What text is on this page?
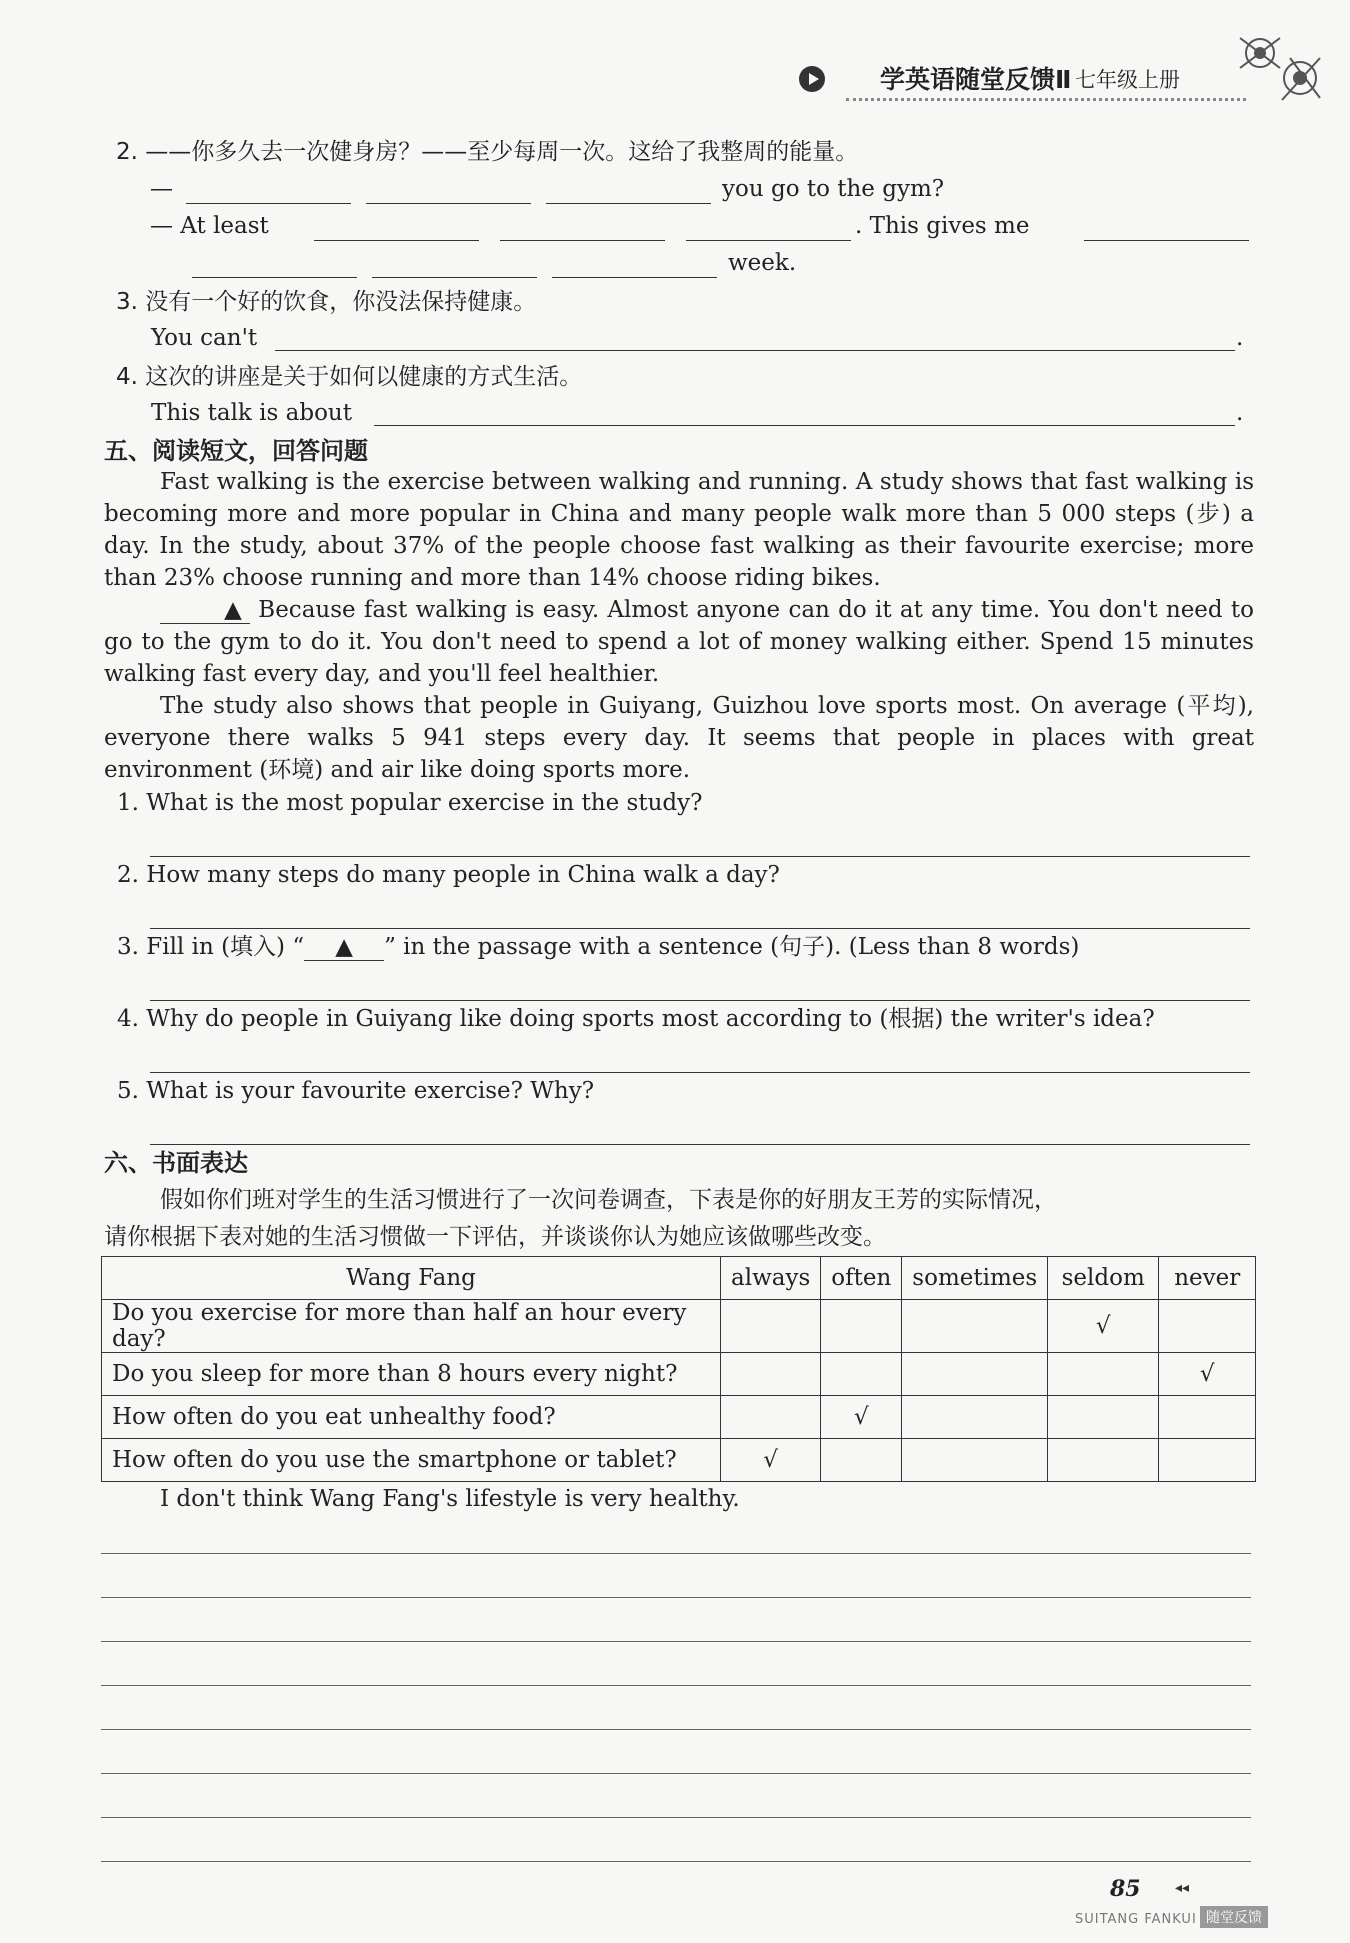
学英语随堂反馈Ⅱ 七年级上册
2. ——你多久去一次健身房？——至少每周一次。这给了我整周的能量。
—	you go to the gym?
— At least	. This gives me
week.
3. 没有一个好的饮食，你没法保持健康。
You can't	.
4. 这次的讲座是关于如何以健康的方式生活。
This talk is about	.
五、阅读短文，回答问题

Fast walking is the exercise between walking and running. A study shows that fast walking is becoming more and more popular in China and many people walk more than 5 000 steps (步) a day. In the study, about 37% of the people choose fast walking as their favourite exercise; more than 23% choose running and more than 14% choose riding bikes.

▲ Because fast walking is easy. Almost anyone can do it at any time. You don't need to go to the gym to do it. You don't need to spend a lot of money walking either. Spend 15 minutes walking fast every day, and you'll feel healthier.

The study also shows that people in Guiyang, Guizhou love sports most. On average (平均), everyone there walks 5 941 steps every day. It seems that people in places with great environment (环境) and air like doing sports more.

1. What is the most popular exercise in the study?
2. How many steps do many people in China walk a day?
3. Fill in (填入) “ ▲ ” in the passage with a sentence (句子). (Less than 8 words)
4. Why do people in Guiyang like doing sports most according to (根据) the writer's idea?
5. What is your favourite exercise? Why?
六、书面表达
假如你们班对学生的生活习惯进行了一次问卷调查，下表是你的好朋友王芳的实际情况，
请你根据下表对她的生活习惯做一下评估，并谈谈你认为她应该做哪些改变。
Wang Fang	always	often	sometimes	seldom	never
Do you exercise for more than half an hour every day?				√	
Do you sleep for more than 8 hours every night?					√
How often do you eat unhealthy food?		√			
How often do you use the smartphone or tablet?	√				
I don't think Wang Fang's lifestyle is very healthy.
85 ◂◂
SUITANG FANKUI 随堂反馈
